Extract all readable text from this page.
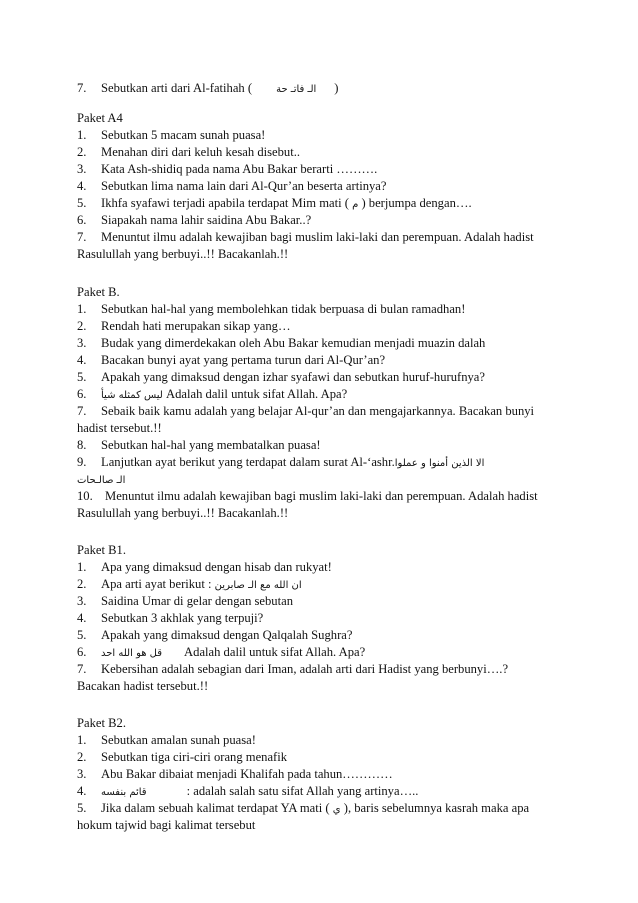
7. Sebutkan arti dari Al-fatihah ( الـ فاتـ حة )
Paket A4
1. Sebutkan 5 macam sunah puasa!
2. Menahan diri dari keluh kesah disebut..
3. Kata Ash-shidiq pada nama Abu Bakar berarti ……….
4. Sebutkan lima nama lain dari Al-Qur’an beserta artinya?
5. Ikhfa syafawi terjadi apabila terdapat Mim mati ( م ) berjumpa dengan….
6. Siapakah nama lahir saidina Abu Bakar..?
7. Menuntut ilmu adalah kewajiban bagi muslim laki-laki dan perempuan. Adalah hadist
Rasulullah yang berbuyi..!! Bacakanlah.!!
Paket B.
1. Sebutkan hal-hal yang membolehkan tidak berpuasa di bulan ramadhan!
2. Rendah hati merupakan sikap yang…
3. Budak yang dimerdekakan oleh Abu Bakar kemudian menjadi muazin dalah
4. Bacakan bunyi ayat yang pertama turun dari Al-Qur’an?
5. Apakah yang dimaksud dengan izhar syafawi dan sebutkan huruf-hurufnya?
6. ليس كمثله شيأ Adalah dalil untuk sifat Allah. Apa?
7. Sebaik baik kamu adalah yang belajar Al-qur’an dan mengajarkannya. Bacakan bunyi
hadist tersebut.!!
8. Sebutkan hal-hal yang membatalkan puasa!
9. Lanjutkan ayat berikut yang terdapat dalam surat Al-‘ashr.الا الذين أمنوا و عملوا
الـ صالـحات
10. Menuntut ilmu adalah kewajiban bagi muslim laki-laki dan perempuan. Adalah hadist
Rasulullah yang berbuyi..!! Bacakanlah.!!
Paket B1.
1. Apa yang dimaksud dengan hisab dan rukyat!
2. Apa arti ayat berikut : ان الله مع الـ صابرين
3. Saidina Umar di gelar dengan sebutan
4. Sebutkan 3 akhlak yang terpuji?
5. Apakah yang dimaksud dengan Qalqalah Sughra?
6. قل هو الله احد Adalah dalil untuk sifat Allah. Apa?
7. Kebersihan adalah sebagian dari Iman, adalah arti dari Hadist yang berbunyi….?
Bacakan hadist tersebut.!!
Paket B2.
1. Sebutkan amalan sunah puasa!
2. Sebutkan tiga ciri-ciri orang menafik
3. Abu Bakar dibaiat menjadi Khalifah pada tahun…………
4. قائم بنفسه	: adalah salah satu sifat Allah yang artinya…..
5. Jika dalam sebuah kalimat terdapat YA mati ( ي ), baris sebelumnya kasrah maka apa
hokum tajwid bagi kalimat tersebut
